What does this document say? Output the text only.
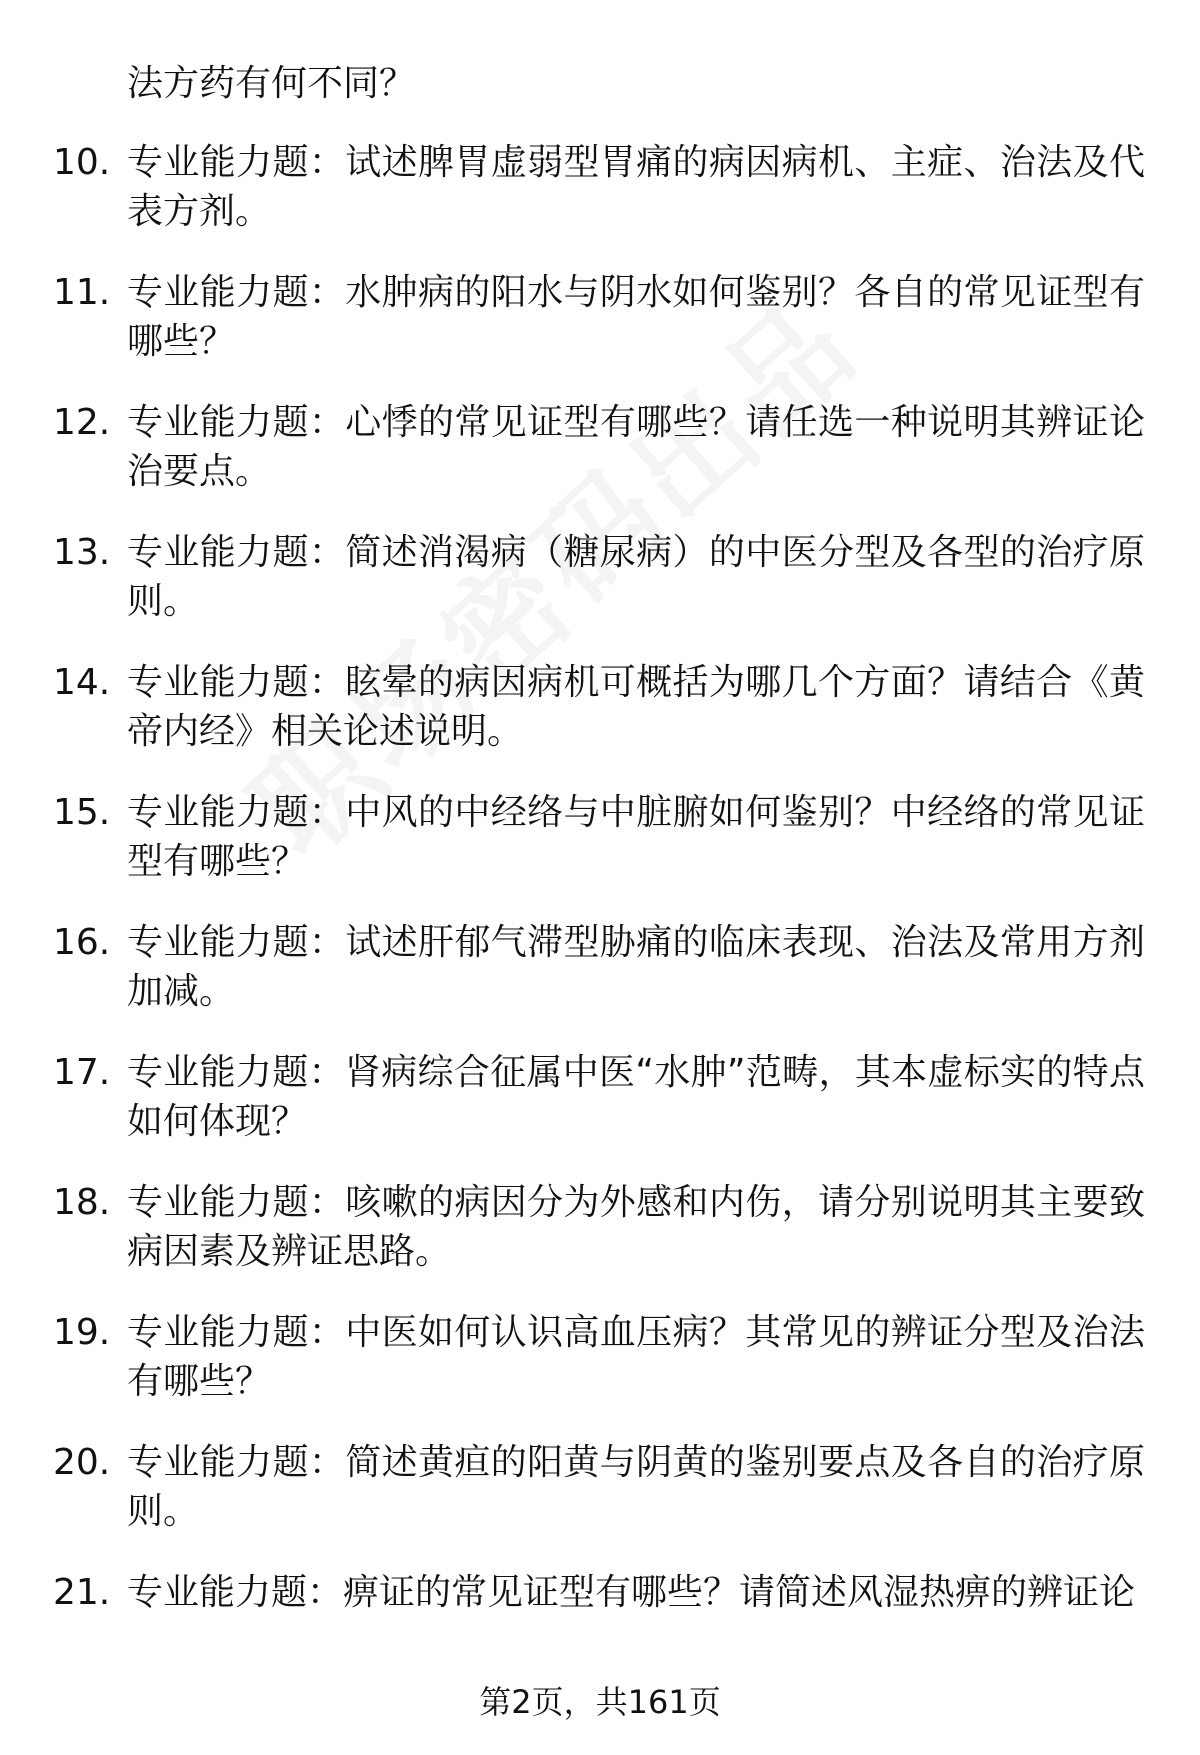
法方药有何不同？
10. 专业能力题：试述脾胃虚弱型胃痛的病因病机、主症、治法及代表方剂。
11. 专业能力题：水肿病的阳水与阴水如何鉴别？各自的常见证型有哪些？
12. 专业能力题：心悸的常见证型有哪些？请任选一种说明其辨证论治要点。
13. 专业能力题：简述消渴病（糖尿病）的中医分型及各型的治疗原则。
14. 专业能力题：眩晕的病因病机可概括为哪几个方面？请结合《黄帝内经》相关论述说明。
15. 专业能力题：中风的中经络与中脏腑如何鉴别？中经络的常见证型有哪些？
16. 专业能力题：试述肝郁气滞型胁痛的临床表现、治法及常用方剂加减。
17. 专业能力题：肾病综合征属中医“水肿”范畴，其本虚标实的特点如何体现？
18. 专业能力题：咳嗽的病因分为外感和内伤，请分别说明其主要致病因素及辨证思路。
19. 专业能力题：中医如何认识高血压病？其常见的辨证分型及治法有哪些？
20. 专业能力题：简述黄疸的阳黄与阴黄的鉴别要点及各自的治疗原则。
21. 专业能力题：痹证的常见证型有哪些？请简述风湿热痹的辨证论
第2页，共161页
